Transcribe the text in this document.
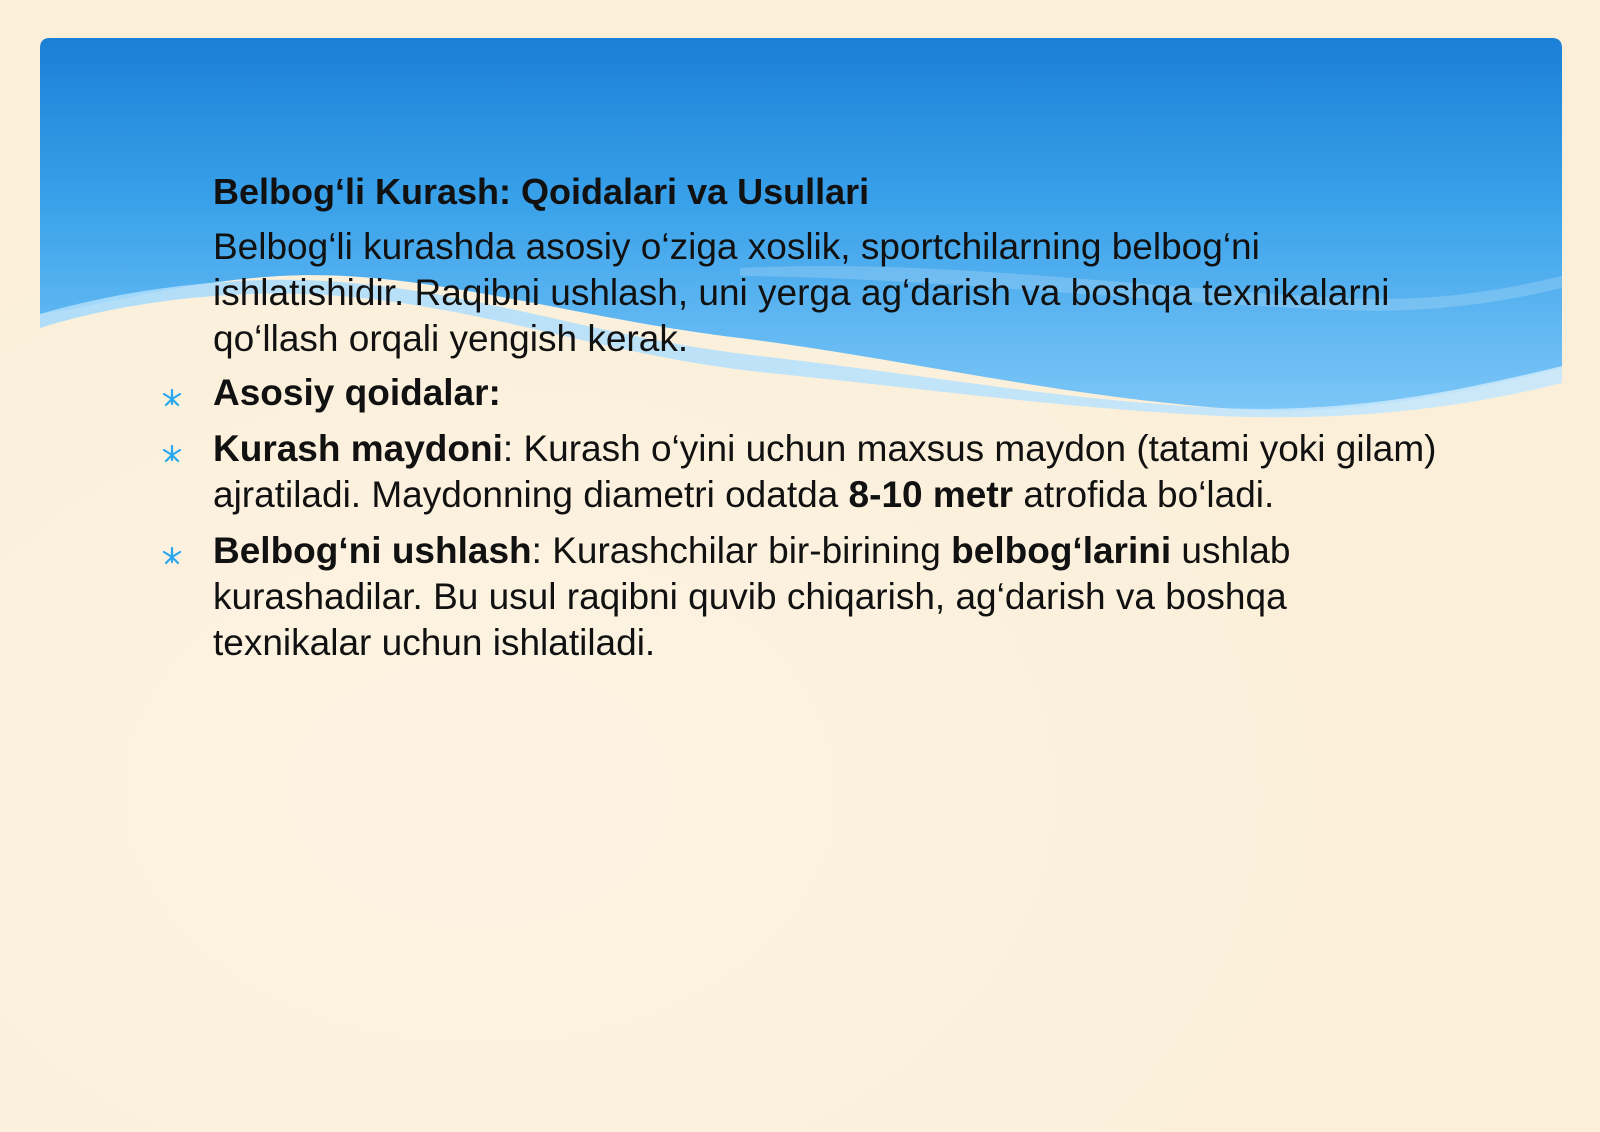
Belbog‘li Kurash: Qoidalari va Usullari
Belbog‘li kurashda asosiy o‘ziga xoslik, sportchilarning belbog‘ni ishlatishidir. Raqibni ushlash, uni yerga ag‘darish va boshqa texnikalarni qo‘llash orqali yengish kerak.
Asosiy qoidalar:
Kurash maydoni: Kurash o‘yini uchun maxsus maydon (tatami yoki gilam) ajratiladi. Maydonning diametri odatda 8-10 metr atrofida bo‘ladi.
Belbog‘ni ushlash: Kurashchilar bir-birining belbog‘larini ushlab kurashadilar. Bu usul raqibni quvib chiqarish, ag‘darish va boshqa texnikalar uchun ishlatiladi.
